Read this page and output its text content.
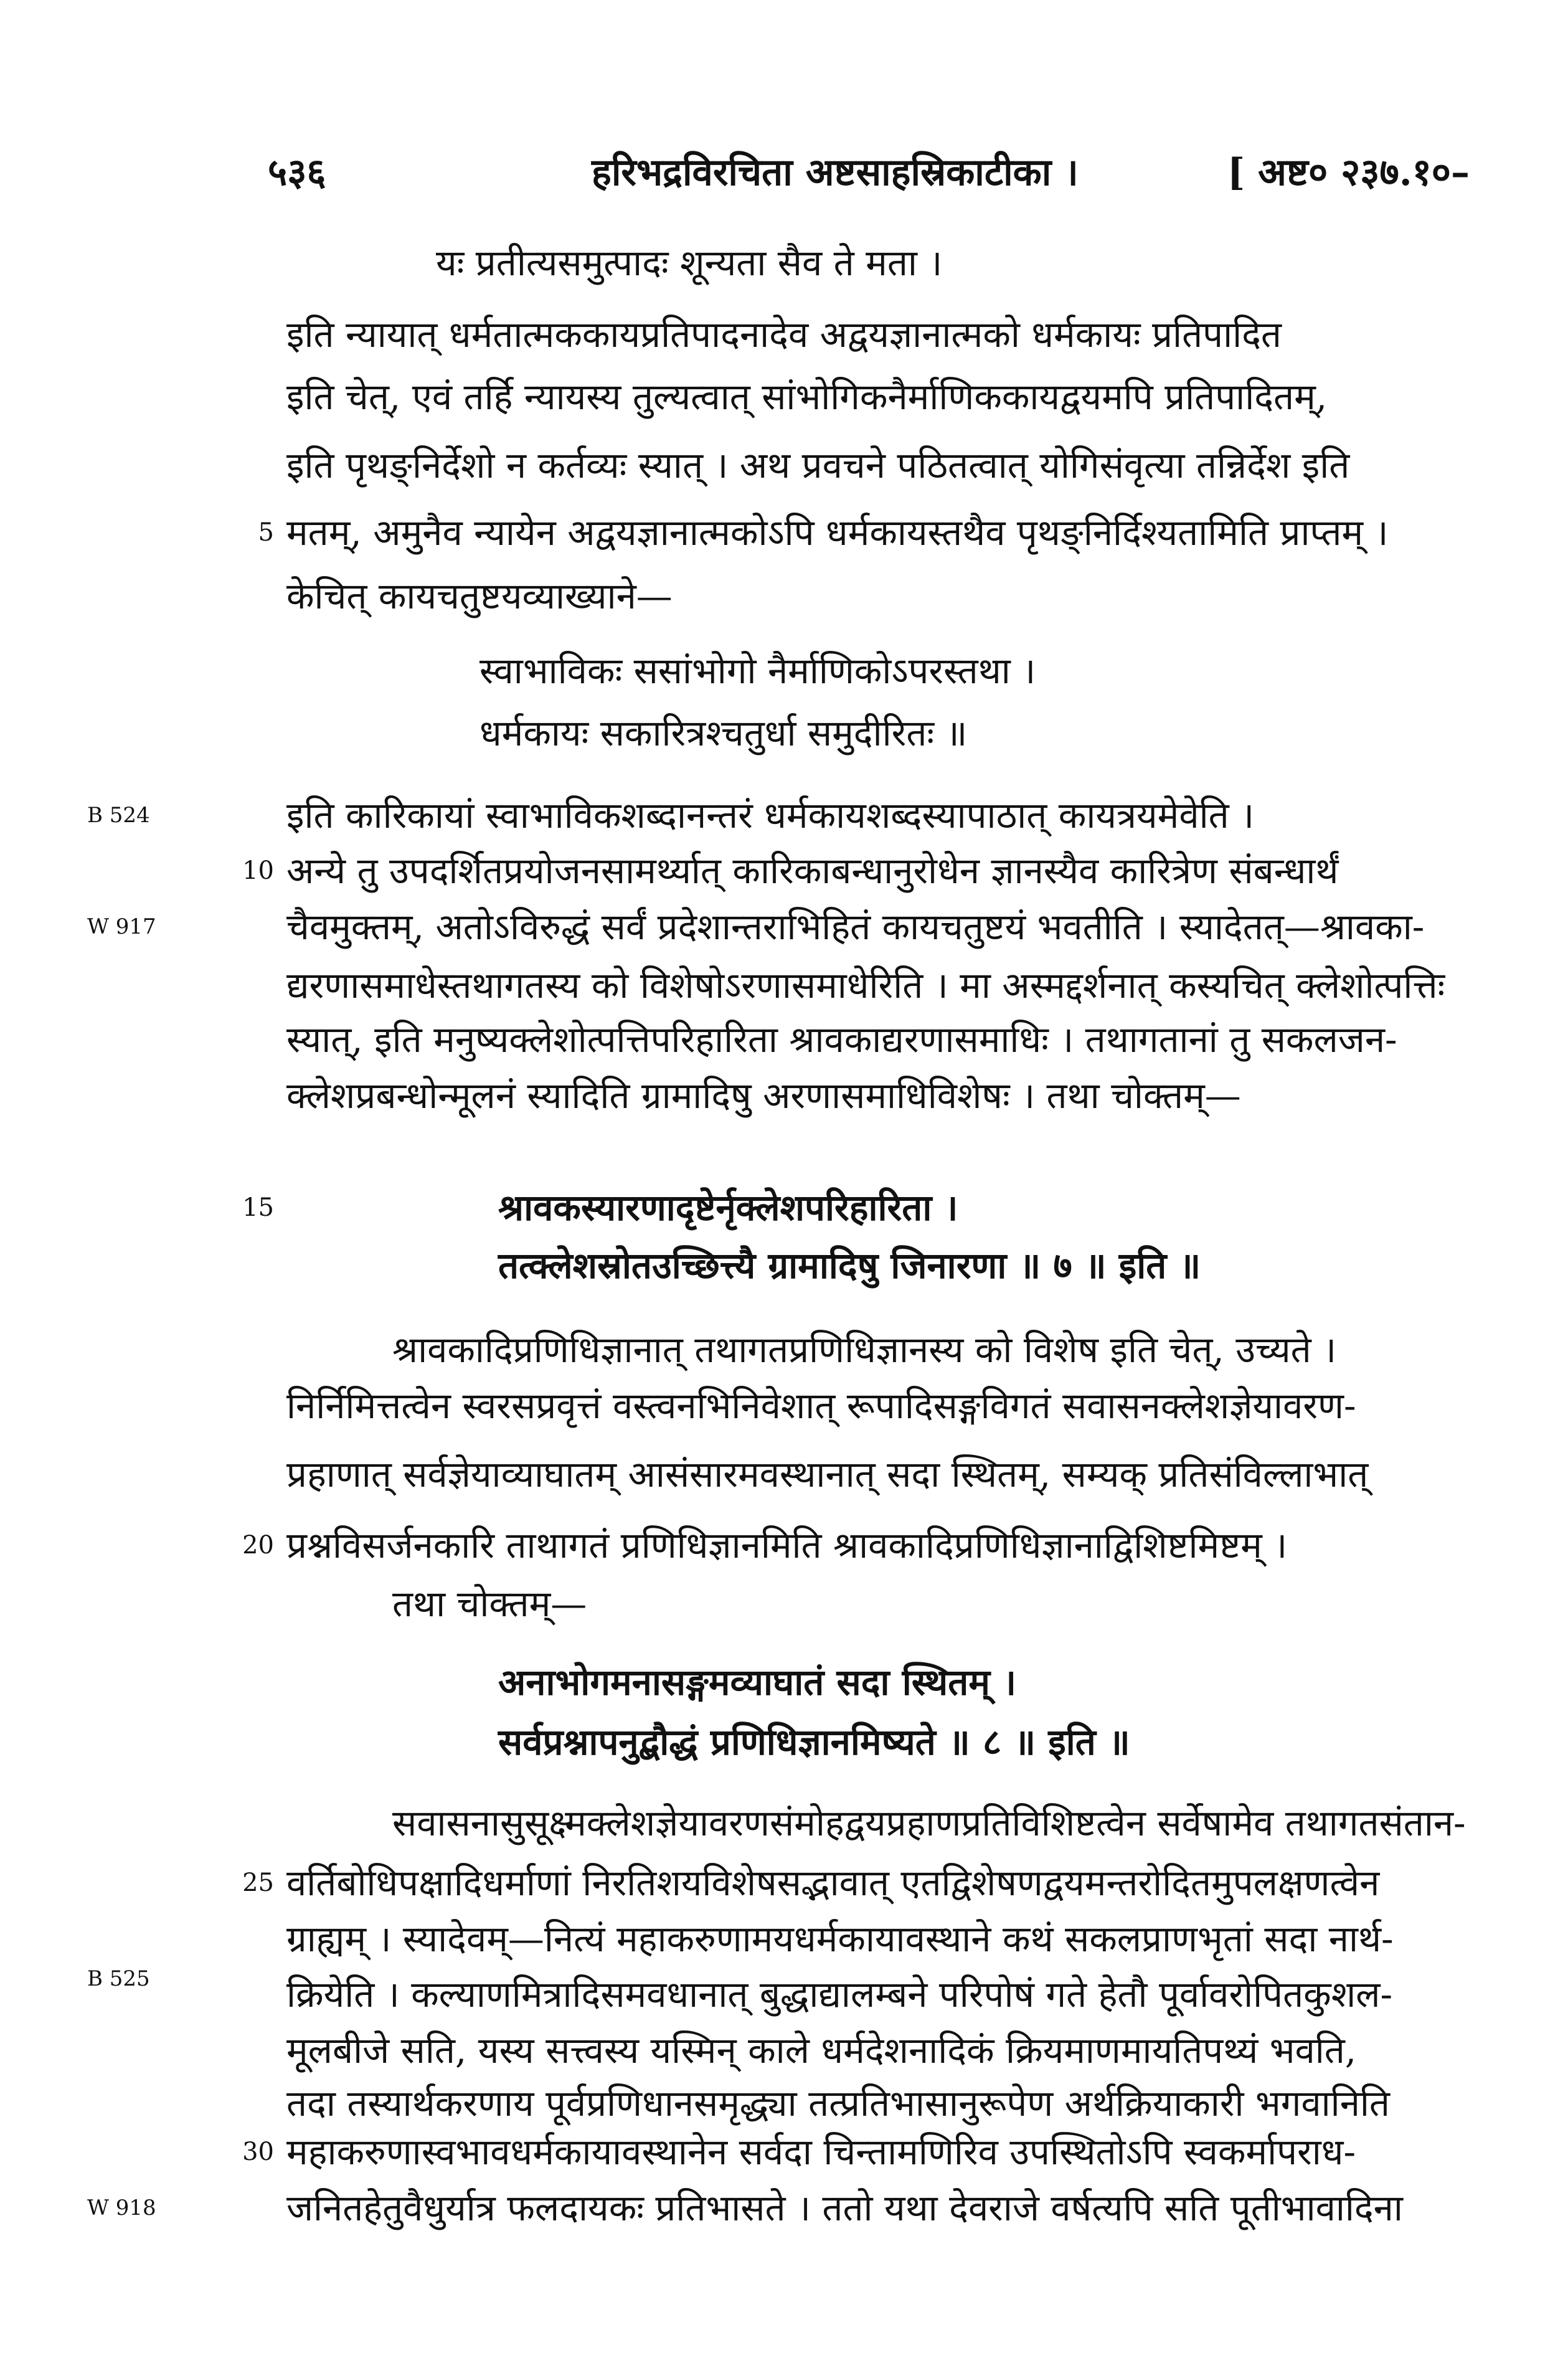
५३६	हरिभद्रविरचिता अष्टसाहस्रिकाटीका ।	[ अष्ट० २३७.१०–
B 524
W 917
B 525
W 918
5
10
15
20
25
30
यः प्रतीत्यसमुत्पादः शून्यता सैव ते मता ।
इति न्यायात् धर्मतात्मककायप्रतिपादनादेव अद्वयज्ञानात्मको धर्मकायः प्रतिपादित
इति चेत्, एवं तर्हि न्यायस्य तुल्यत्वात् सांभोगिकनैर्माणिककायद्वयमपि प्रतिपादितम्,
इति पृथङ्निर्देशो न कर्तव्यः स्यात् । अथ प्रवचने पठितत्वात् योगिसंवृत्या तन्निर्देश इति
मतम्, अमुनैव न्यायेन अद्वयज्ञानात्मकोऽपि धर्मकायस्तथैव पृथङ्निर्दिश्यतामिति प्राप्तम् ।
केचित् कायचतुष्टयव्याख्याने—
स्वाभाविकः ससांभोगो नैर्माणिकोऽपरस्तथा ।
धर्मकायः सकारित्रश्चतुर्धा समुदीरितः ॥
इति कारिकायां स्वाभाविकशब्दानन्तरं धर्मकायशब्दस्यापाठात् कायत्रयमेवेति ।
अन्ये तु उपदर्शितप्रयोजनसामर्थ्यात् कारिकाबन्धानुरोधेन ज्ञानस्यैव कारित्रेण संबन्धार्थं
चैवमुक्तम्, अतोऽविरुद्धं सर्वं प्रदेशान्तराभिहितं कायचतुष्टयं भवतीति । स्यादेतत्—श्रावका-
द्यरणासमाधेस्तथागतस्य को विशेषोऽरणासमाधेरिति । मा अस्मद्दर्शनात् कस्यचित् क्लेशोत्पत्तिः
स्यात्, इति मनुष्यक्लेशोत्पत्तिपरिहारिता श्रावकाद्यरणासमाधिः । तथागतानां तु सकलजन-
क्लेशप्रबन्धोन्मूलनं स्यादिति ग्रामादिषु अरणासमाधिविशेषः । तथा चोक्तम्—
श्रावकस्यारणादृष्टेर्नृक्लेशपरिहारिता ।
तत्क्लेशस्रोतउच्छित्त्यै ग्रामादिषु जिनारणा ॥ ७ ॥ इति ॥
श्रावकादिप्रणिधिज्ञानात् तथागतप्रणिधिज्ञानस्य को विशेष इति चेत्, उच्यते ।
निर्निमित्तत्वेन स्वरसप्रवृत्तं वस्त्वनभिनिवेशात् रूपादिसङ्गविगतं सवासनक्लेशज्ञेयावरण-
प्रहाणात् सर्वज्ञेयाव्याघातम् आसंसारमवस्थानात् सदा स्थितम्, सम्यक् प्रतिसंविल्लाभात्
प्रश्नविसर्जनकारि ताथागतं प्रणिधिज्ञानमिति श्रावकादिप्रणिधिज्ञानाद्विशिष्टमिष्टम् ।
तथा चोक्तम्—
अनाभोगमनासङ्गमव्याघातं सदा स्थितम् ।
सर्वप्रश्नापनुद्बौद्धं प्रणिधिज्ञानमिष्यते ॥ ८ ॥ इति ॥
सवासनासुसूक्ष्मक्लेशज्ञेयावरणसंमोहद्वयप्रहाणप्रतिविशिष्टत्वेन सर्वेषामेव तथागतसंतान-
वर्तिबोधिपक्षादिधर्माणां निरतिशयविशेषसद्भावात् एतद्विशेषणद्वयमन्तरोदितमुपलक्षणत्वेन
ग्राह्यम् । स्यादेवम्—नित्यं महाकरुणामयधर्मकायावस्थाने कथं सकलप्राणभृतां सदा नार्थ-
क्रियेति । कल्याणमित्रादिसमवधानात् बुद्धाद्यालम्बने परिपोषं गते हेतौ पूर्वावरोपितकुशल-
मूलबीजे सति, यस्य सत्त्वस्य यस्मिन् काले धर्मदेशनादिकं क्रियमाणमायतिपथ्यं भवति,
तदा तस्यार्थकरणाय पूर्वप्रणिधानसमृद्ध्या तत्प्रतिभासानुरूपेण अर्थक्रियाकारी भगवानिति
महाकरुणास्वभावधर्मकायावस्थानेन सर्वदा चिन्तामणिरिव उपस्थितोऽपि स्वकर्मापराध-
जनितहेतुवैधुर्यात्र फलदायकः प्रतिभासते । ततो यथा देवराजे वर्षत्यपि सति पूतीभावादिना
